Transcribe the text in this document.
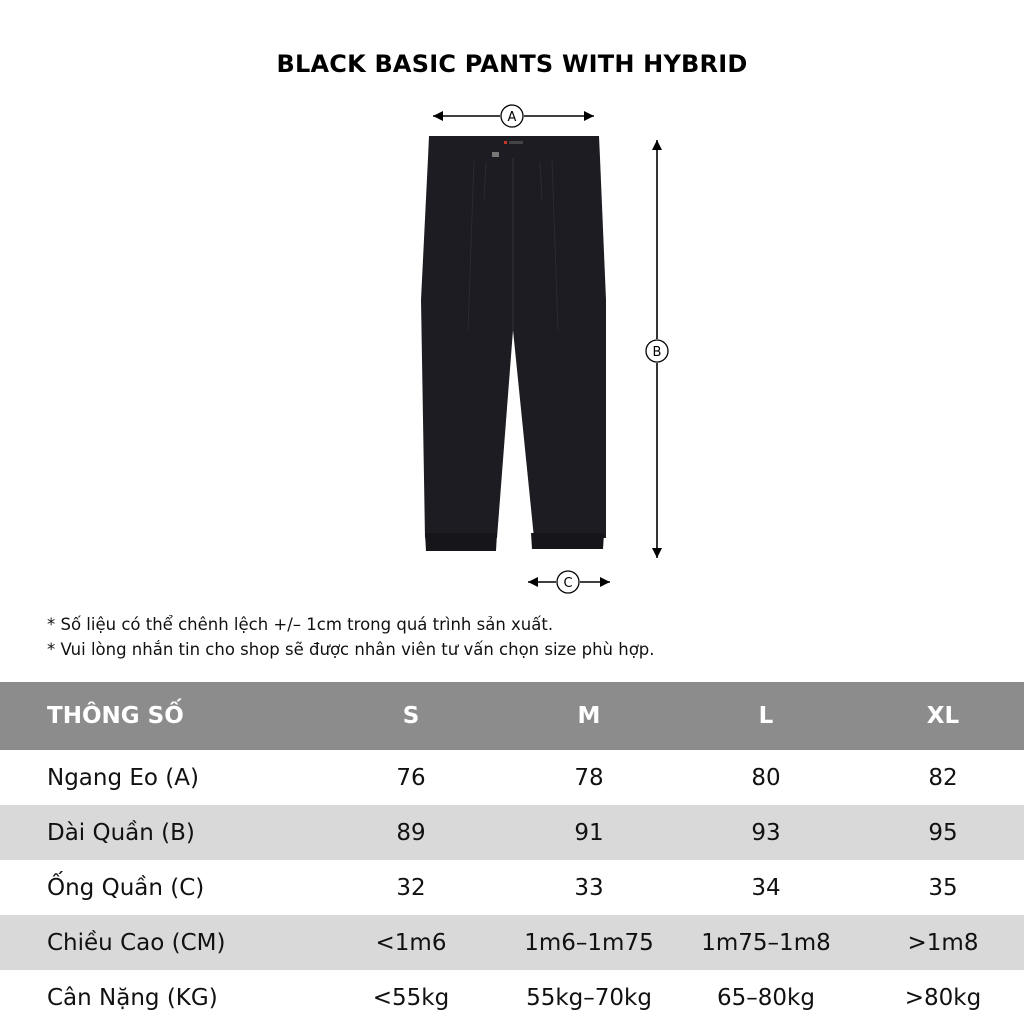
BLACK BASIC PANTS WITH HYBRID
A
B
C
* Số liệu có thể chênh lệch +/– 1cm trong quá trình sản xuất.
* Vui lòng nhắn tin cho shop sẽ được nhân viên tư vấn chọn size phù hợp.
THÔNG SỐ	S	M	L	XL
Ngang Eo (A)	76	78	80	82
Dài Quần (B)	89	91	93	95
Ống Quần (C)	32	33	34	35
Chiều Cao (CM)	<1m6	1m6–1m75	1m75–1m8	>1m8
Cân Nặng (KG)	<55kg	55kg–70kg	65–80kg	>80kg
